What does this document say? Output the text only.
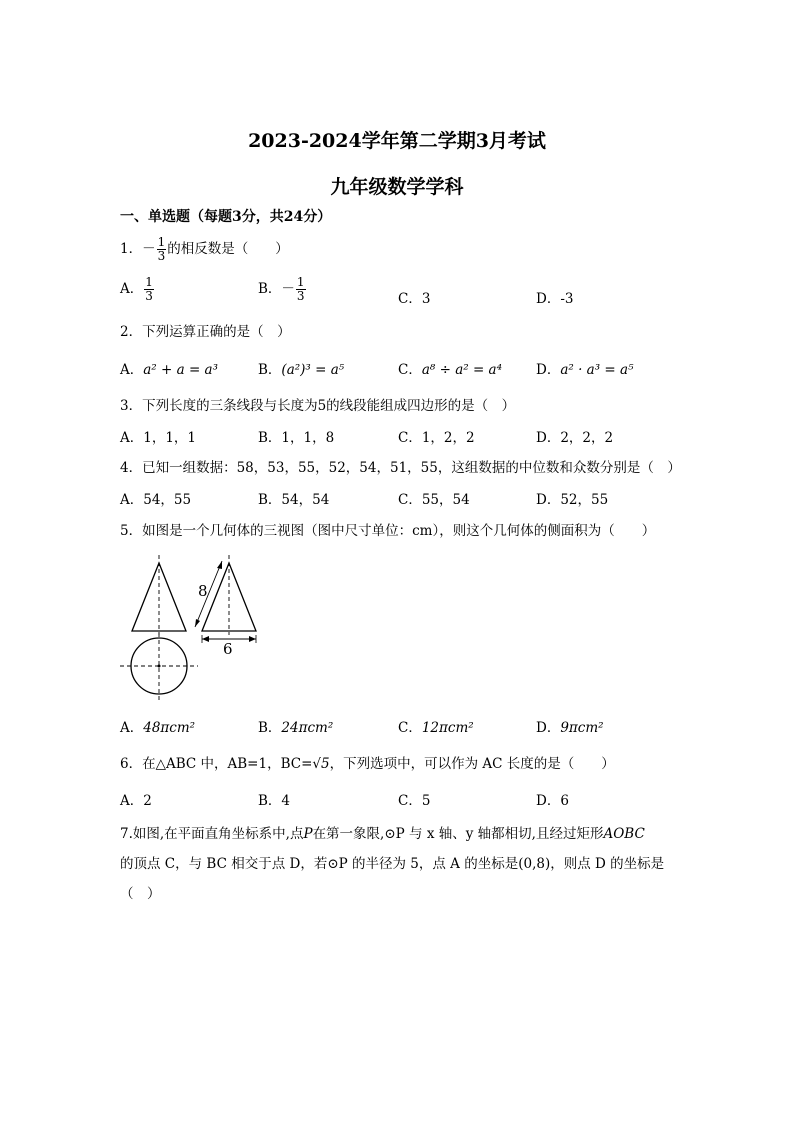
2023-2024学年第二学期3月考试
九年级数学学科
一、单选题（每题3分，共24分）
1．－ $\frac{1}{3}$ 的相反数是（　　）
A． $\frac{1}{3}$	B．－ $\frac{1}{3}$	C．3	D．-3
2．下列运算正确的是（　）
A．a² + a = a³	B．(a²)³ = a⁵	C．a⁸ ÷ a² = a⁴	D．a² · a³ = a⁵
3．下列长度的三条线段与长度为5的线段能组成四边形的是（　）
A．1，1，1	B．1，1，8	C．1，2，2	D．2，2，2
4．已知一组数据：58，53，55，52，54，51，55，这组数据的中位数和众数分别是（　）
A．54，55	B．54，54	C．55，54	D．52，55
5．如图是一个几何体的三视图（图中尺寸单位：cm），则这个几何体的侧面积为（　　）
8
6
A．48πcm²	B．24πcm²	C．12πcm²	D．9πcm²
6．在△ABC 中，AB=1，BC=√5，下列选项中，可以作为 AC 长度的是（　　）
A．2	B．4	C．5	D．6
7.如图,在平面直角坐标系中,点P在第一象限,⊙P 与 x 轴、y 轴都相切,且经过矩形AOBC
的顶点 C，与 BC 相交于点 D，若⊙P 的半径为 5，点 A 的坐标是(0,8)，则点 D 的坐标是
（　）
